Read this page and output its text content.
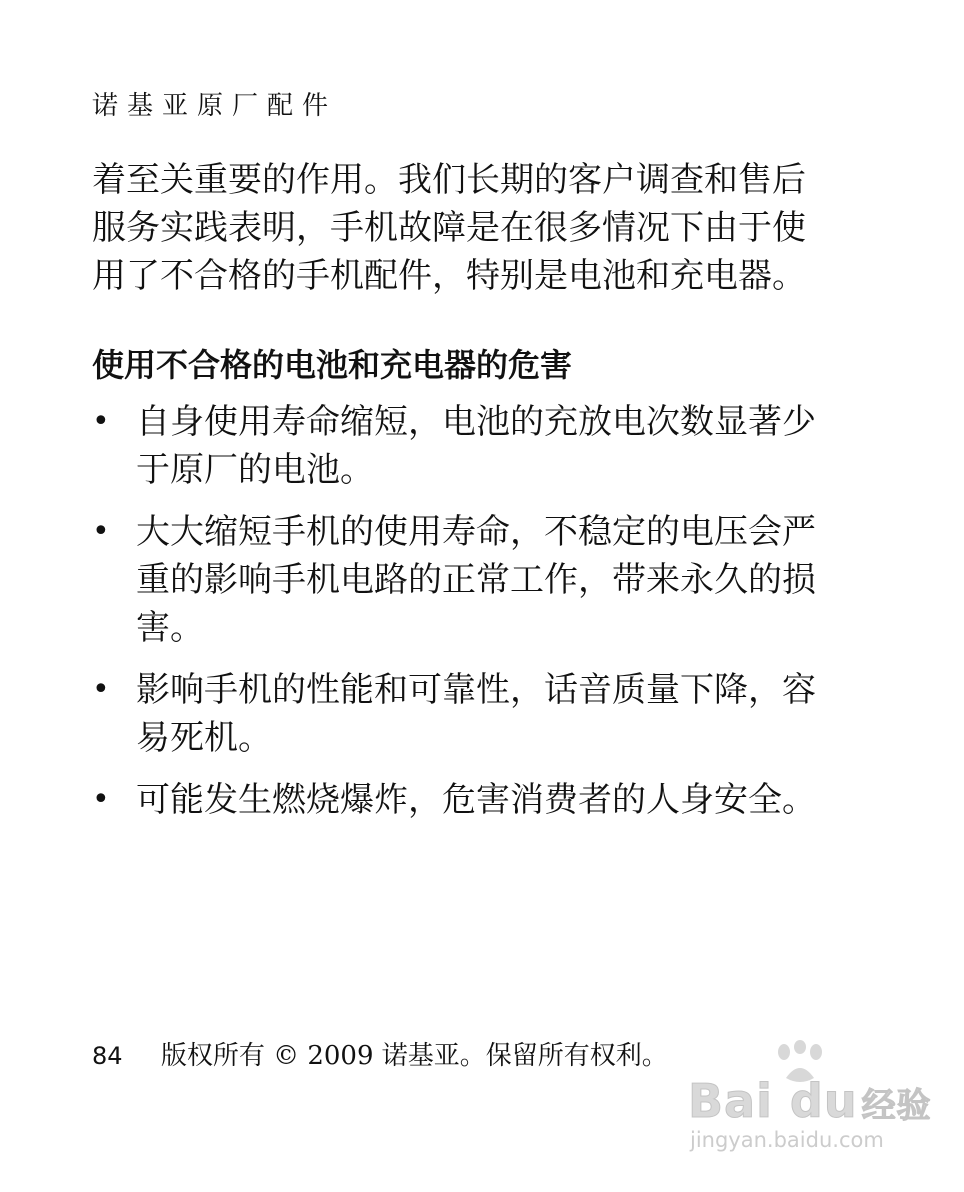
诺基亚原厂配件

着至关重要的作用。我们长期的客户调查和售后服务实践表明，手机故障是在很多情况下由于使用了不合格的手机配件，特别是电池和充电器。

使用不合格的电池和充电器的危害
• 自身使用寿命缩短，电池的充放电次数显著少于原厂的电池。
• 大大缩短手机的使用寿命，不稳定的电压会严重的影响手机电路的正常工作，带来永久的损害。
• 影响手机的性能和可靠性，话音质量下降，容易死机。
• 可能发生燃烧爆炸，危害消费者的人身安全。
84 版权所有 © 2009 诺基亚。保留所有权利。
Bai du 经验
jingyan.baidu.com
